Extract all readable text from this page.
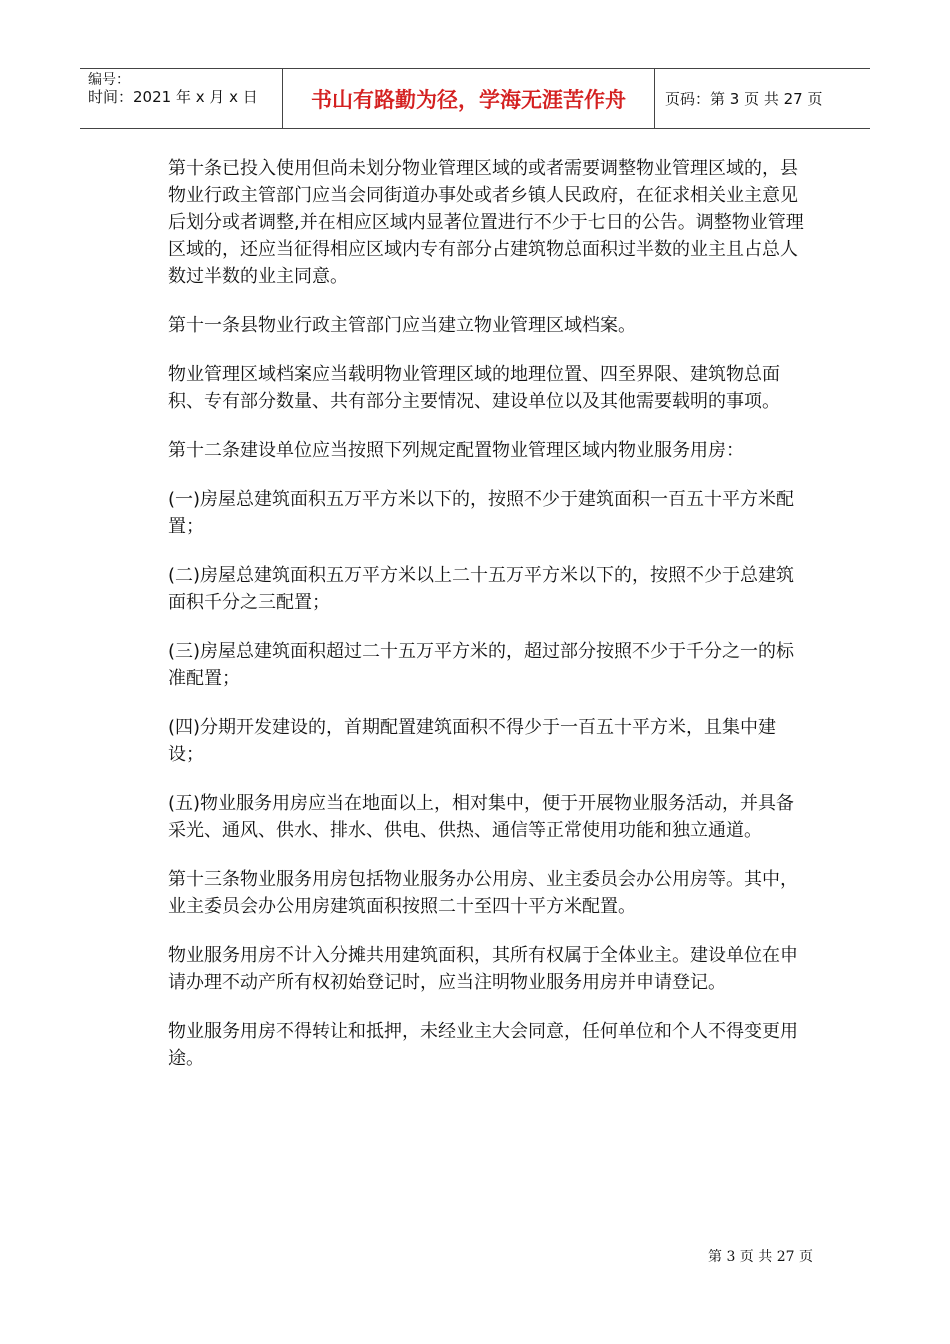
编号：
时间：2021 年 x 月 x 日	书山有路勤为径，学海无涯苦作舟	页码：第 3 页 共 27 页

第十条已投入使用但尚未划分物业管理区域的或者需要调整物业管理区域的，县物业行政主管部门应当会同街道办事处或者乡镇人民政府，在征求相关业主意见后划分或者调整,并在相应区域内显著位置进行不少于七日的公告。调整物业管理区域的，还应当征得相应区域内专有部分占建筑物总面积过半数的业主且占总人数过半数的业主同意。

第十一条县物业行政主管部门应当建立物业管理区域档案。

物业管理区域档案应当载明物业管理区域的地理位置、四至界限、建筑物总面积、专有部分数量、共有部分主要情况、建设单位以及其他需要载明的事项。

第十二条建设单位应当按照下列规定配置物业管理区域内物业服务用房：

(一)房屋总建筑面积五万平方米以下的，按照不少于建筑面积一百五十平方米配置；

(二)房屋总建筑面积五万平方米以上二十五万平方米以下的，按照不少于总建筑面积千分之三配置；

(三)房屋总建筑面积超过二十五万平方米的，超过部分按照不少于千分之一的标准配置；

(四)分期开发建设的，首期配置建筑面积不得少于一百五十平方米，且集中建设；

(五)物业服务用房应当在地面以上，相对集中，便于开展物业服务活动，并具备采光、通风、供水、排水、供电、供热、通信等正常使用功能和独立通道。

第十三条物业服务用房包括物业服务办公用房、业主委员会办公用房等。其中，业主委员会办公用房建筑面积按照二十至四十平方米配置。

物业服务用房不计入分摊共用建筑面积，其所有权属于全体业主。建设单位在申请办理不动产所有权初始登记时，应当注明物业服务用房并申请登记。

物业服务用房不得转让和抵押，未经业主大会同意，任何单位和个人不得变更用途。

第 3 页 共 27 页
